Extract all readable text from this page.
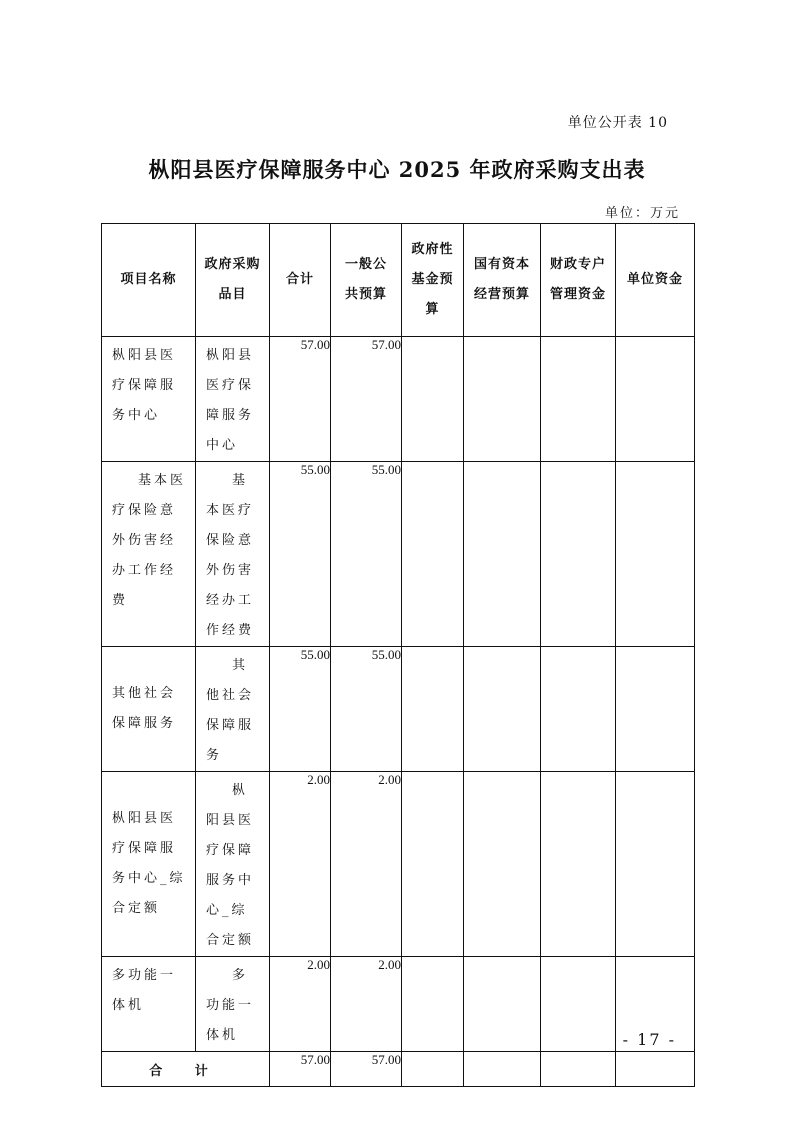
单位公开表 10
枞阳县医疗保障服务中心 2025 年政府采购支出表
单位：万元
项目名称	政府采购品目	合计	一般公共预算	政府性基金预算	国有资本经营预算	财政专户管理资金	单位资金

枞阳县医疗保障服务中心	枞阳县医疗保障服务中心	57.00	57.00				

基本医疗保险意外伤害经办工作经费	基本医疗保险意外伤害经办工作经费	55.00	55.00				

其他社会保障服务	其他社会保障服务	55.00	55.00				

枞阳县医疗保障服务中心_综合定额	枞阳县医疗保障服务中心_综合定额	2.00	2.00				

多功能一体机	多功能一体机	2.00	2.00				
合 计		57.00	57.00				
- 17 -
